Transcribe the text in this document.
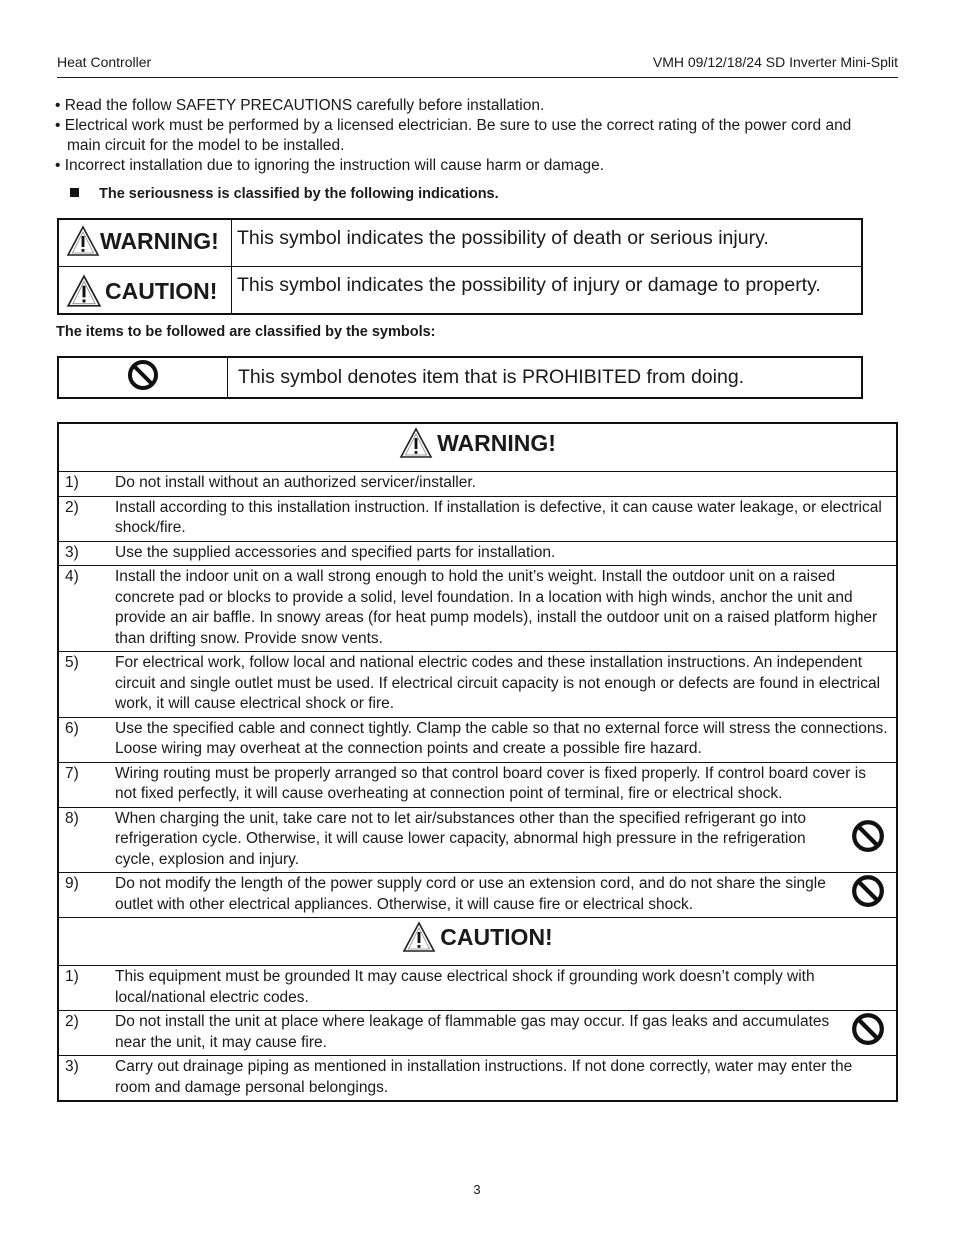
Heat Controller	VMH 09/12/18/24 SD Inverter Mini-Split
• Read the follow SAFETY PRECAUTIONS carefully before installation.
• Electrical work must be performed by a licensed electrician. Be sure to use the correct rating of the power cord and main circuit for the model to be installed.
• Incorrect installation due to ignoring the instruction will cause harm or damage.
The seriousness is classified by the following indications.
WARNING!	This symbol indicates the possibility of death or serious injury.

CAUTION!	This symbol indicates the possibility of injury or damage to property.
The items to be followed are classified by the symbols:
	This symbol denotes item that is PROHIBITED from doing.
WARNING!		

1)	Do not install without an authorized servicer/installer.	
2)	Install according to this installation instruction. If installation is defective, it can cause water leakage, or electrical shock/fire.	
3)	Use the supplied accessories and specified parts for installation.	
4)	Install the indoor unit on a wall strong enough to hold the unit’s weight. Install the outdoor unit on a raised concrete pad or blocks to provide a solid, level foundation. In a location with high winds, anchor the unit and provide an air baffle. In snowy areas (for heat pump models), install the outdoor unit on a raised platform higher than drifting snow. Provide snow vents.	
5)	For electrical work, follow local and national electric codes and these installation instructions. An independent circuit and single outlet must be used. If electrical circuit capacity is not enough or defects are found in electrical work, it will cause electrical shock or fire.	
6)	Use the specified cable and connect tightly. Clamp the cable so that no external force will stress the connections. Loose wiring may overheat at the connection points and create a possible fire hazard.	
7)	Wiring routing must be properly arranged so that control board cover is fixed properly. If control board cover is not fixed perfectly, it will cause overheating at connection point of terminal, fire or electrical shock.	
8)	When charging the unit, take care not to let air/substances other than the specified refrigerant go into refrigeration cycle. Otherwise, it will cause lower capacity, abnormal high pressure in the refrigeration cycle, explosion and injury.	
9)	Do not modify the length of the power supply cord or use an extension cord, and do not share the single outlet with other electrical appliances. Otherwise, it will cause fire or electrical shock.	

CAUTION!		

1)	This equipment must be grounded It may cause electrical shock if grounding work doesn’t comply with local/national electric codes.	
2)	Do not install the unit at place where leakage of flammable gas may occur. If gas leaks and accumulates near the unit, it may cause fire.	
3)	Carry out drainage piping as mentioned in installation instructions. If not done correctly, water may enter the room and damage personal belongings.	
3
